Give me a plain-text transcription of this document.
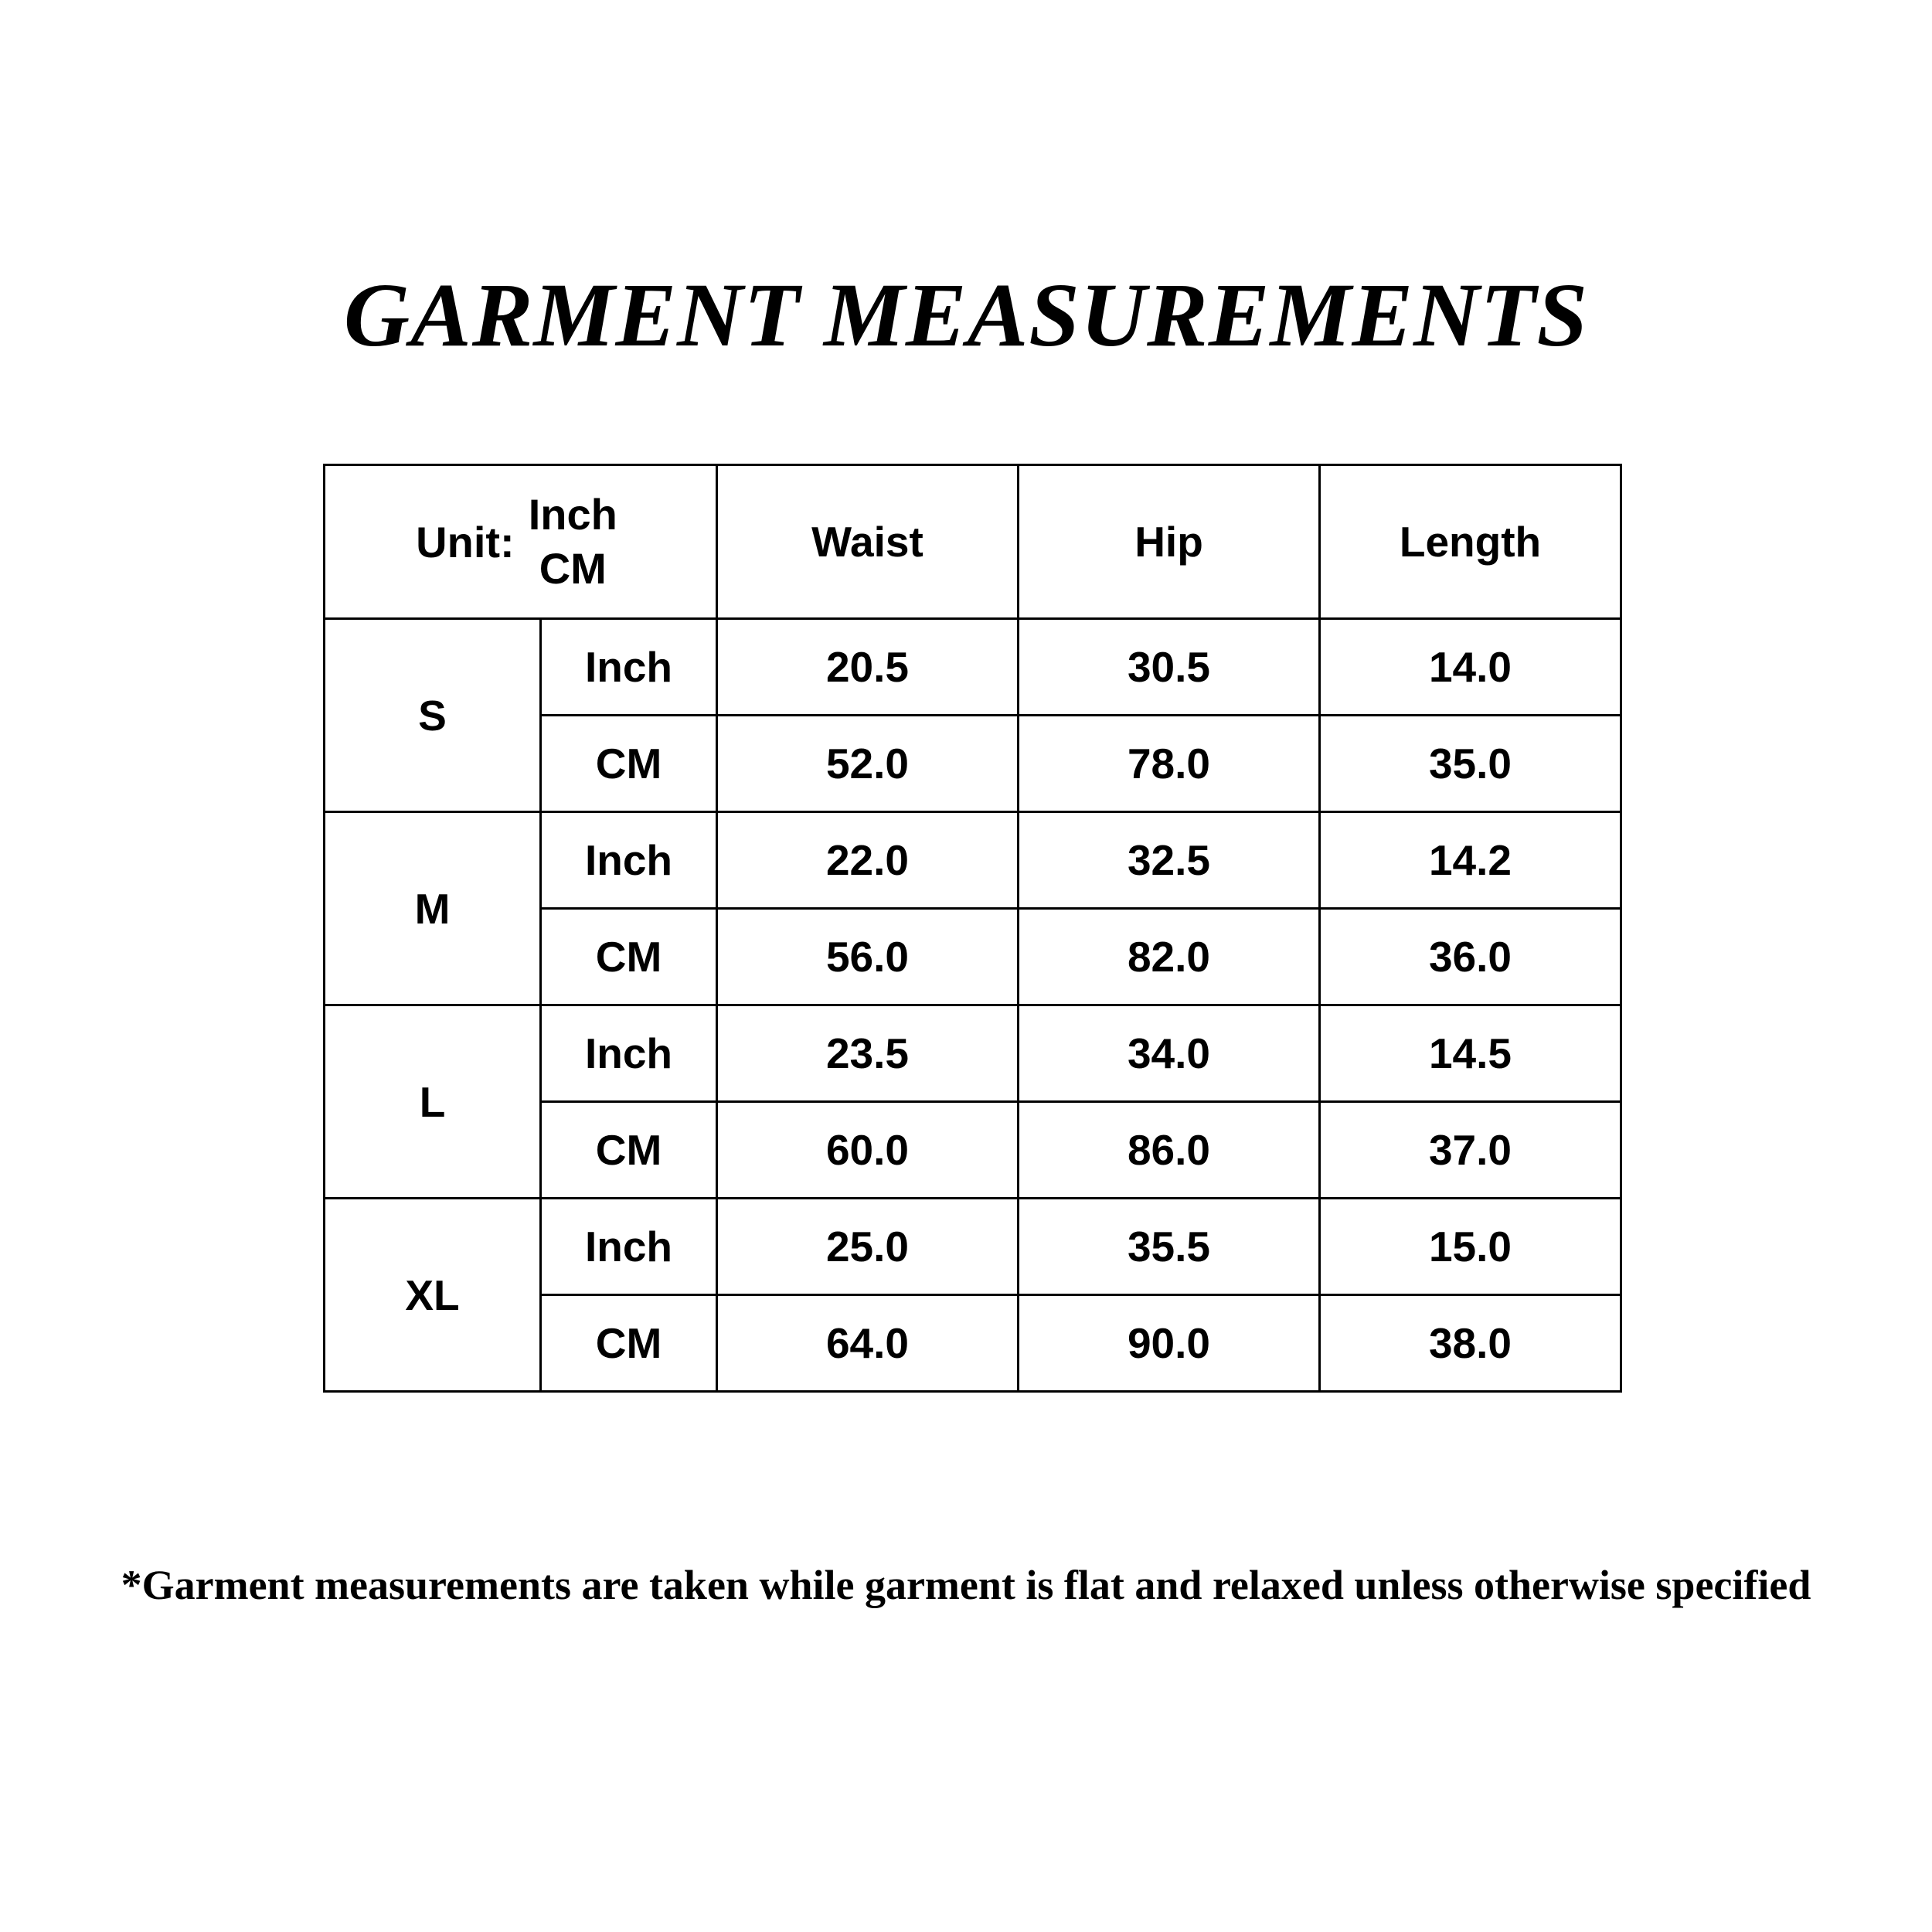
GARMENT MEASUREMENTS
Unit: $\frac{\text{Inch}}{CM}$		Waist	Hip	Length
S	Inch	20.5	30.5	14.0
	CM	52.0	78.0	35.0
M	Inch	22.0	32.5	14.2
	CM	56.0	82.0	36.0
L	Inch	23.5	34.0	14.5
	CM	60.0	86.0	37.0
XL	Inch	25.0	35.5	15.0
	CM	64.0	90.0	38.0
*Garment measurements are taken while garment is flat and relaxed unless otherwise specified
